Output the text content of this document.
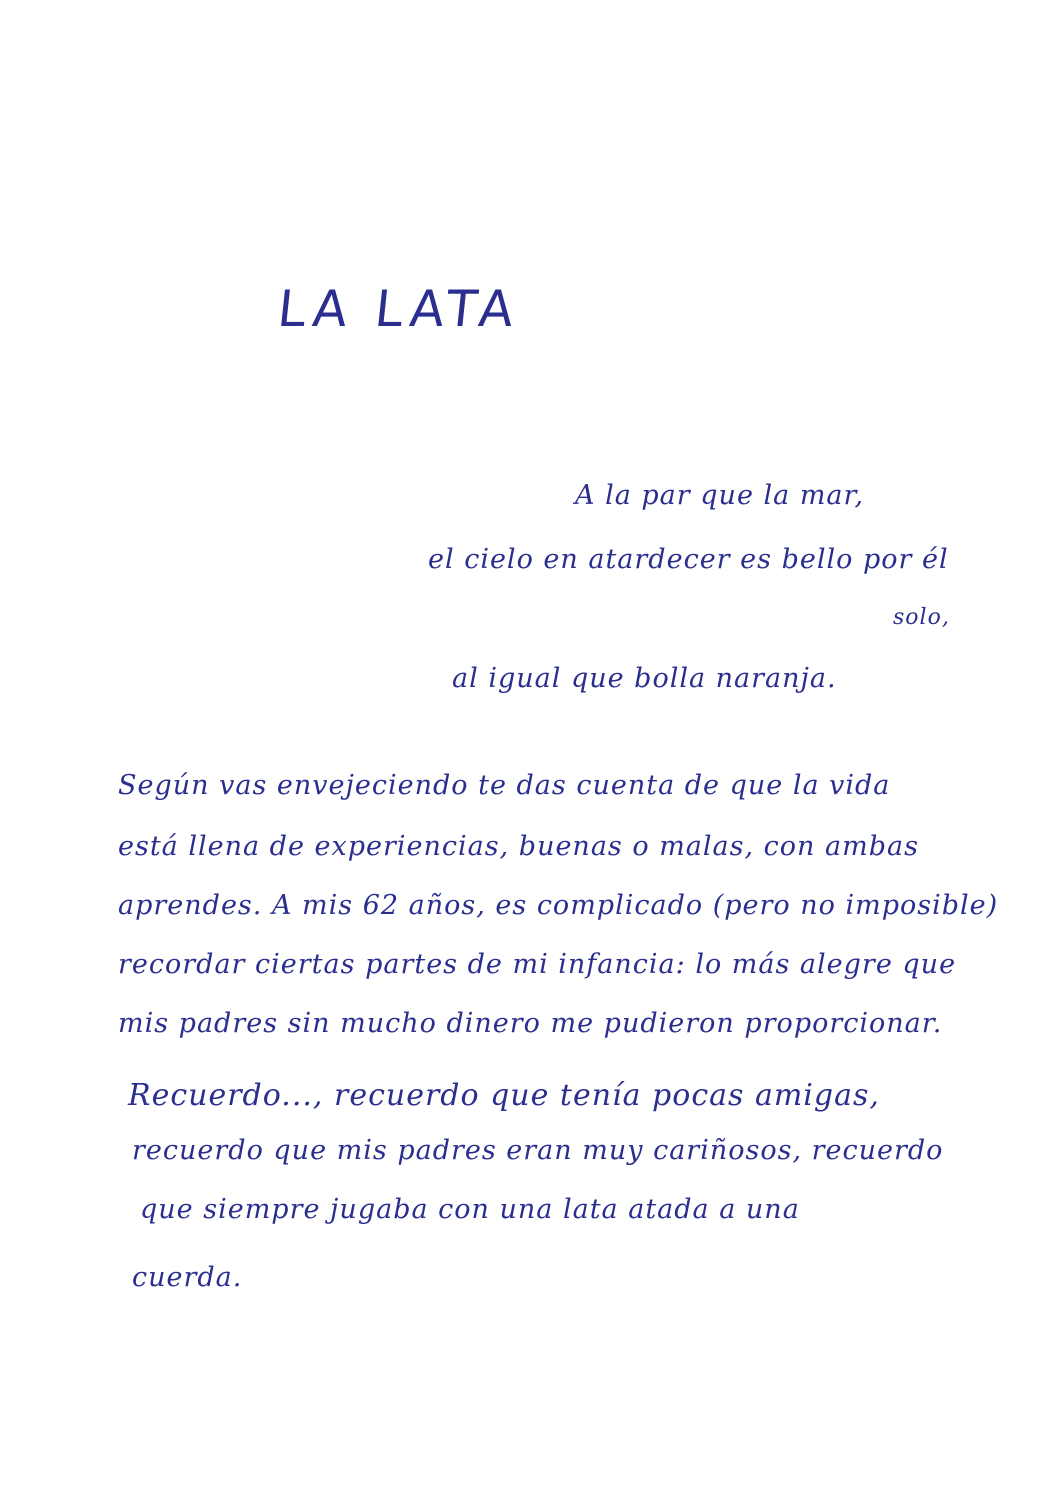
LA LATA
A la par que la mar,
el cielo en atardecer es bello por él
solo,
al igual que bolla naranja.
Según vas envejeciendo te das cuenta de que la vida
está llena de experiencias, buenas o malas, con ambas
aprendes. A mis 62 años, es complicado (pero no imposible)
recordar ciertas partes de mi infancia: lo más alegre que
mis padres sin mucho dinero me pudieron proporcionar.
Recuerdo..., recuerdo que tenía pocas amigas,
recuerdo que mis padres eran muy cariñosos, recuerdo
que siempre jugaba con una lata atada a una
cuerda.
